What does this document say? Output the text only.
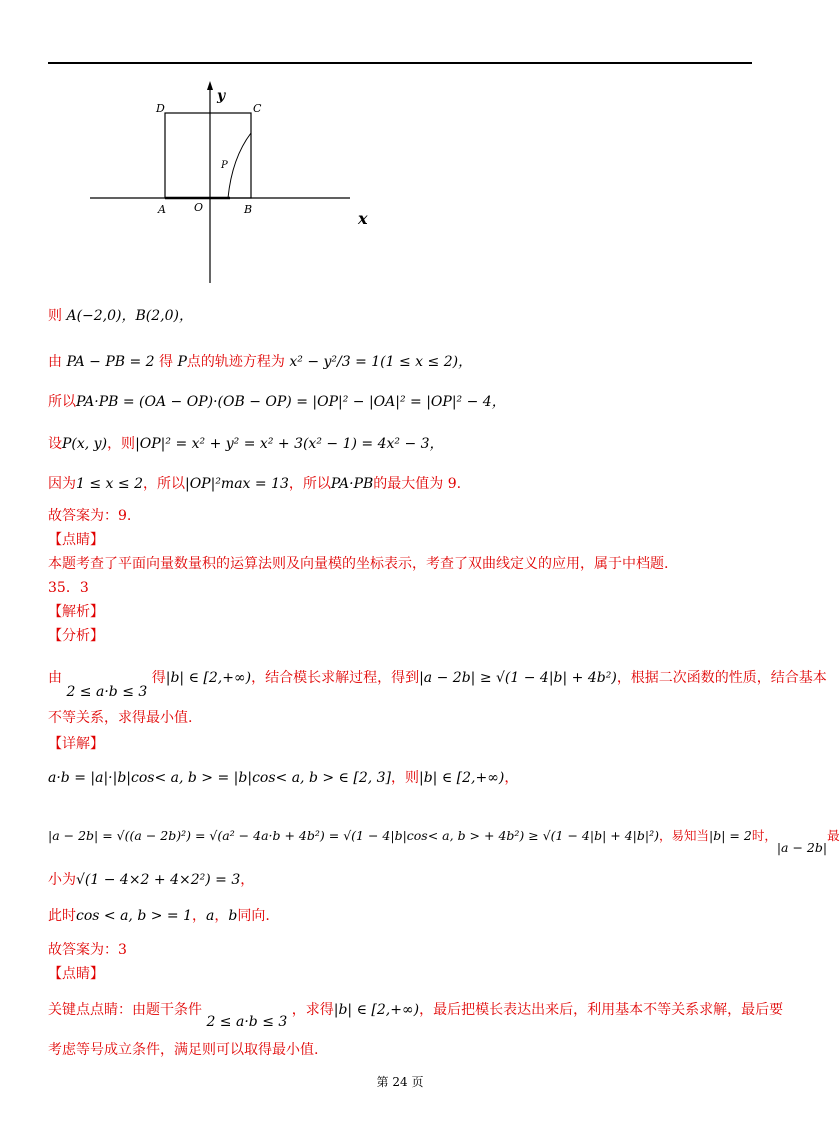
D	C
y
P
A	O	B	x
则 A(−2,0)，B(2,0)，
由 PA − PB = 2 得 P点的轨迹方程为 x² − y²/3 = 1(1 ≤ x ≤ 2)，
所以PA·PB = (OA − OP)·(OB − OP) = |OP|² − |OA|² = |OP|² − 4，
设P(x, y)，则|OP|² = x² + y² = x² + 3(x² − 1) = 4x² − 3，
因为1 ≤ x ≤ 2，所以|OP|²max = 13，所以PA·PB的最大值为 9.
故答案为：9.
【点睛】
本题考查了平面向量数量积的运算法则及向量模的坐标表示，考查了双曲线定义的应用，属于中档题.
35．3
【解析】
【分析】
由 2 ≤ a·b ≤ 3 得|b| ∈ [2,+∞)，结合模长求解过程，得到|a − 2b| ≥ √(1 − 4|b| + 4b²)，根据二次函数的性质，结合基本
不等关系，求得最小值.
【详解】
a·b = |a|·|b|cos< a, b > = |b|cos< a, b > ∈ [2, 3]，则|b| ∈ [2,+∞)，
|a − 2b| = √((a − 2b)²) = √(a² − 4a·b + 4b²) = √(1 − 4|b|cos< a, b > + 4b²) ≥ √(1 − 4|b| + 4|b|²)，易知当|b| = 2时，|a − 2b|最
小为√(1 − 4×2 + 4×2²) = 3，
此时cos < a, b > = 1，a，b同向.
故答案为：3
【点睛】
关键点点睛：由题干条件 2 ≤ a·b ≤ 3 ，求得|b| ∈ [2,+∞)，最后把模长表达出来后，利用基本不等关系求解，最后要
考虑等号成立条件，满足则可以取得最小值.
第 24 页
